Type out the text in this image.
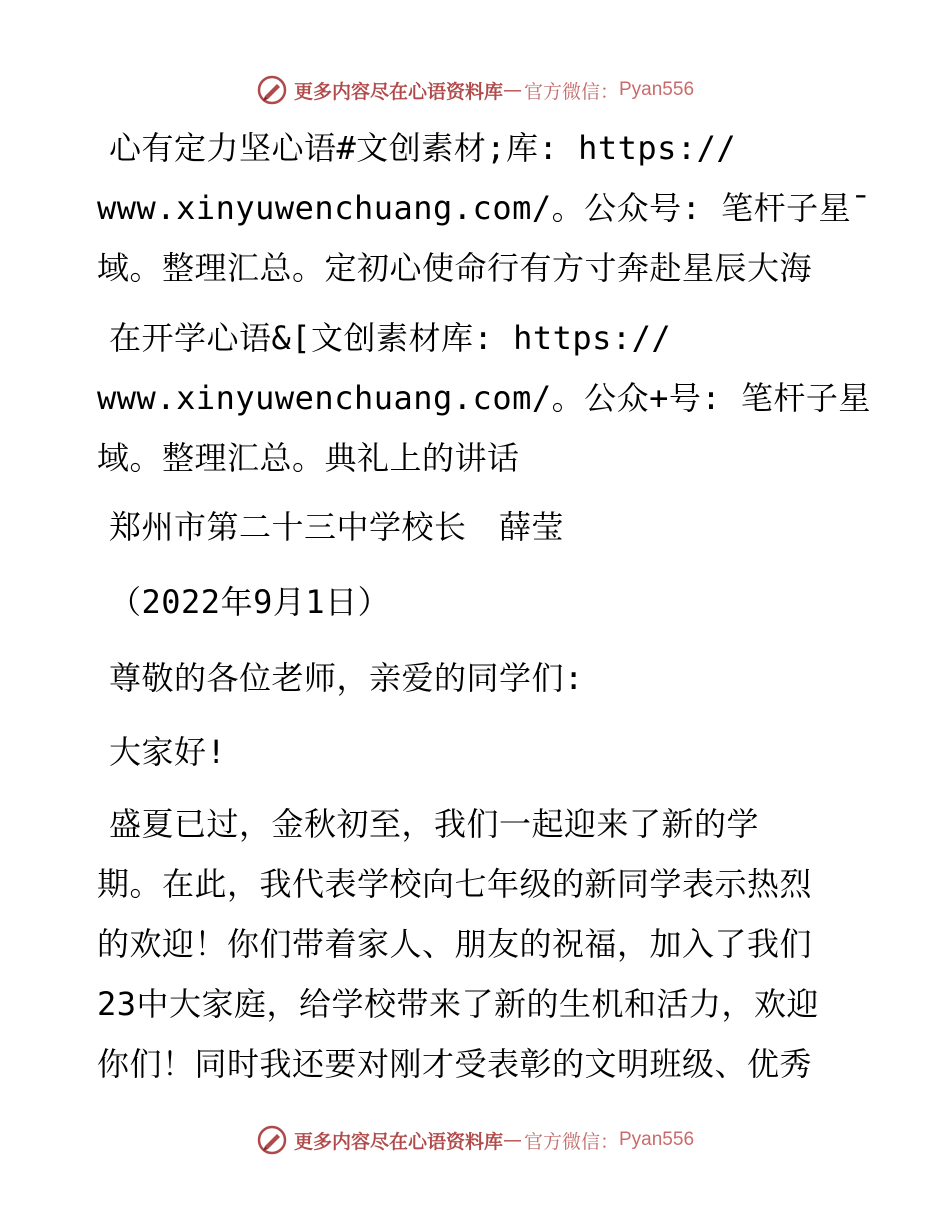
更多内容尽在心语资料库 — 官方微信： Pyan556
心有定力坚心语#文创素材;库: https://
www.xinyuwenchuang.com/。公众号: 笔杆子星¯
域。整理汇总。定初心使命行有方寸奔赴星辰大海
在开学心语&[文创素材库: https://
www.xinyuwenchuang.com/。公众+号: 笔杆子星
域。整理汇总。典礼上的讲话
郑州市第二十三中学校长　薛莹
（2022年9月1日）
尊敬的各位老师，亲爱的同学们:
大家好!
盛夏已过，金秋初至，我们一起迎来了新的学
期。在此，我代表学校向七年级的新同学表示热烈
的欢迎！你们带着家人、朋友的祝福，加入了我们
23中大家庭，给学校带来了新的生机和活力，欢迎
你们！同时我还要对刚才受表彰的文明班级、优秀
更多内容尽在心语资料库 — 官方微信： Pyan556
